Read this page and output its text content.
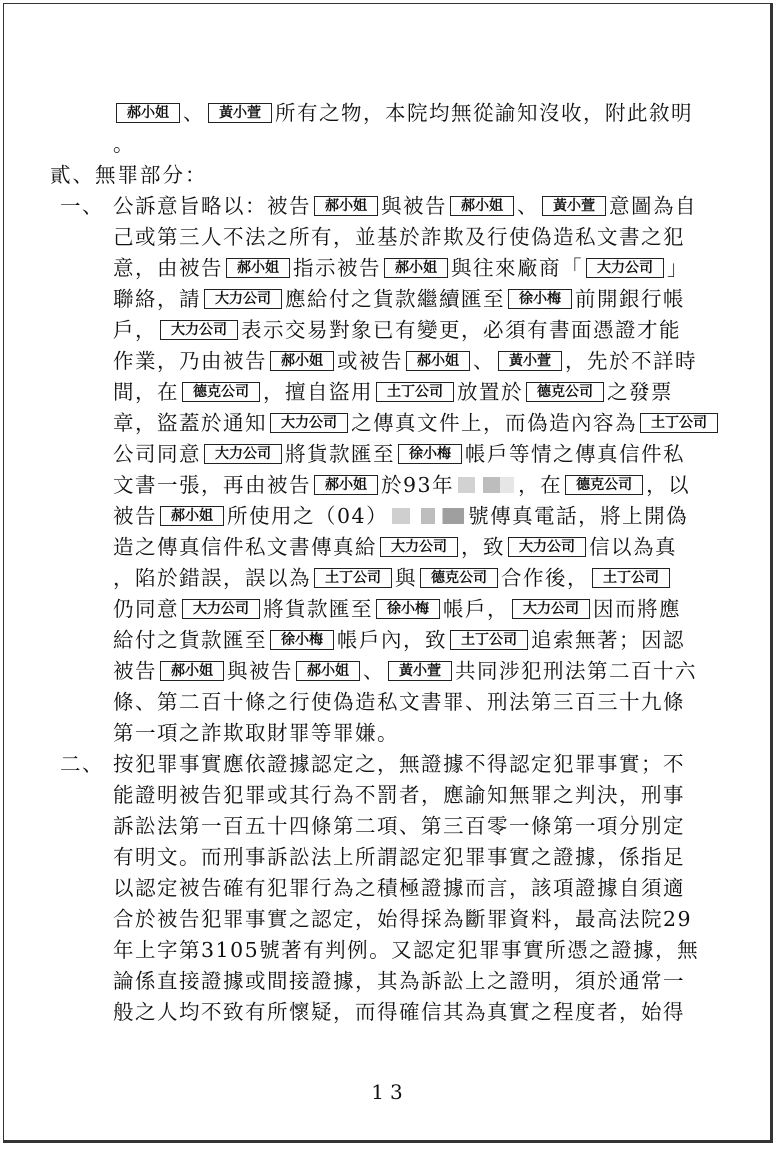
郝小姐 、 黃小萱 所有之物，本院均無從諭知沒收，附此敘明
。
貳、無罪部分：
一、 公訴意旨略以：被告 郝小姐 與被告 郝小姐 、 黃小萱 意圖為自
己或第三人不法之所有，並基於詐欺及行使偽造私文書之犯
意，由被告 郝小姐 指示被告 郝小姐 與往來廠商「 大力公司 」
聯絡，請 大力公司 應給付之貨款繼續匯至 徐小梅 前開銀行帳
戶， 大力公司 表示交易對象已有變更，必須有書面憑證才能
作業，乃由被告 郝小姐 或被告 郝小姐 、 黃小萱 ，先於不詳時
間，在 德克公司 ，擅自盜用 土丁公司 放置於 德克公司 之發票
章，盜蓋於通知 大力公司 之傳真文件上，而偽造內容為 土丁公司
公司同意 大力公司 將貨款匯至 徐小梅 帳戶等情之傳真信件私
文書一張，再由被告 郝小姐 於93年	，在 德克公司 ，以
被告 郝小姐 所使用之（04）	號傳真電話，將上開偽
造之傳真信件私文書傳真給 大力公司 ，致 大力公司 信以為真
，陷於錯誤，誤以為 土丁公司 與 德克公司 合作後， 土丁公司
仍同意 大力公司 將貨款匯至 徐小梅 帳戶， 大力公司 因而將應
給付之貨款匯至 徐小梅 帳戶內，致 土丁公司 追索無著；因認
被告 郝小姐 與被告 郝小姐 、 黃小萱 共同涉犯刑法第二百十六
條、第二百十條之行使偽造私文書罪、刑法第三百三十九條
第一項之詐欺取財罪等罪嫌。
二、 按犯罪事實應依證據認定之，無證據不得認定犯罪事實；不
能證明被告犯罪或其行為不罰者，應諭知無罪之判決，刑事
訴訟法第一百五十四條第二項、第三百零一條第一項分別定
有明文。而刑事訴訟法上所謂認定犯罪事實之證據，係指足
以認定被告確有犯罪行為之積極證據而言，該項證據自須適
合於被告犯罪事實之認定，始得採為斷罪資料，最高法院29
年上字第3105號著有判例。又認定犯罪事實所憑之證據，無
論係直接證據或間接證據，其為訴訟上之證明，須於通常一
般之人均不致有所懷疑，而得確信其為真實之程度者，始得
13
